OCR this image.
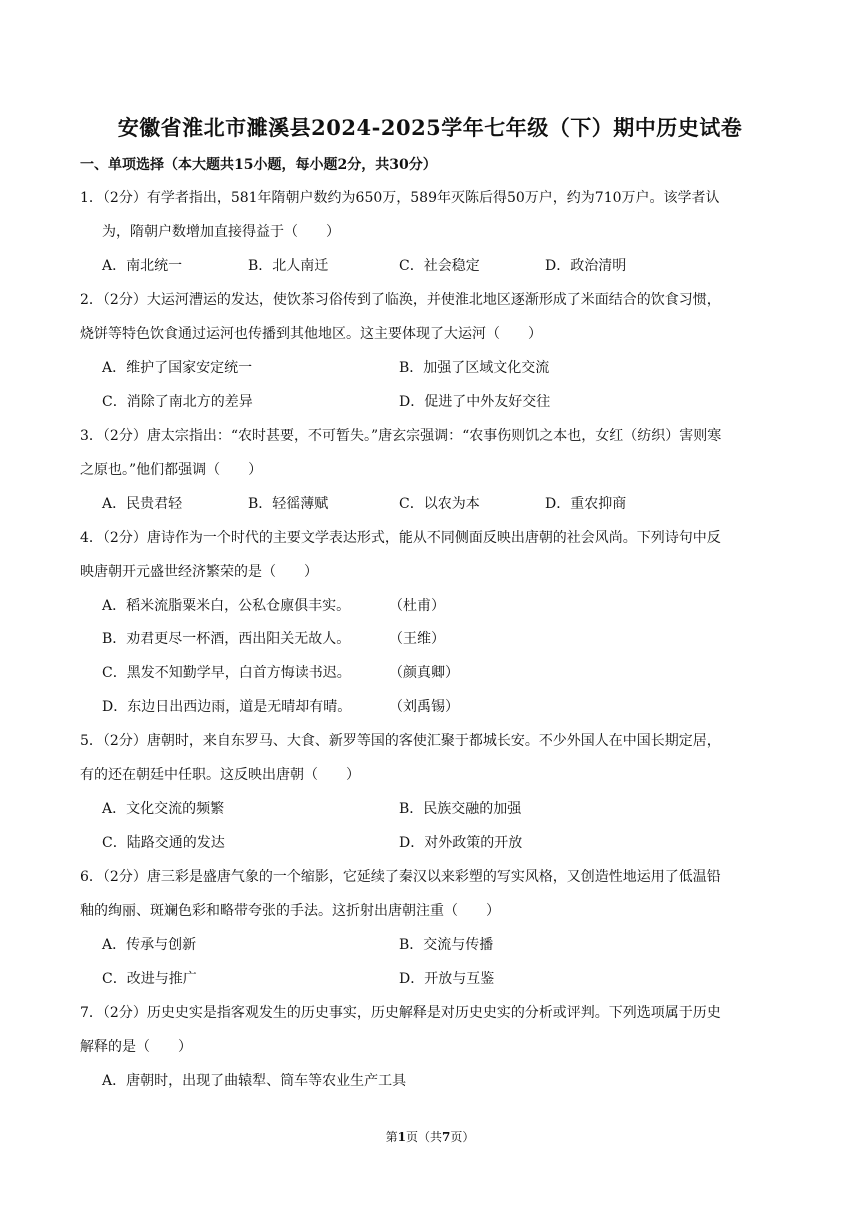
安徽省淮北市濉溪县2024-2025学年七年级（下）期中历史试卷
一、单项选择（本大题共15小题，每小题2分，共30分）
1．（2分）有学者指出，581年隋朝户数约为650万，589年灭陈后得50万户，约为710万户。该学者认
为，隋朝户数增加直接得益于（　　）
A．南北统一	B．北人南迁	C．社会稳定	D．政治清明
2．（2分）大运河漕运的发达，使饮茶习俗传到了临涣，并使淮北地区逐渐形成了米面结合的饮食习惯，
烧饼等特色饮食通过运河也传播到其他地区。这主要体现了大运河（　　）
A．维护了国家安定统一	B．加强了区域文化交流
C．消除了南北方的差异	D．促进了中外友好交往
3．（2分）唐太宗指出：“农时甚要，不可暂失。”唐玄宗强调：“农事伤则饥之本也，女红（纺织）害则寒
之原也。”他们都强调（　　）
A．民贵君轻	B．轻徭薄赋	C．以农为本	D．重农抑商
4．（2分）唐诗作为一个时代的主要文学表达形式，能从不同侧面反映出唐朝的社会风尚。下列诗句中反
映唐朝开元盛世经济繁荣的是（　　）
A．稻米流脂粟米白，公私仓廪俱丰实。	（杜甫）
B．劝君更尽一杯酒，西出阳关无故人。	（王维）
C．黑发不知勤学早，白首方悔读书迟。	（颜真卿）
D．东边日出西边雨，道是无晴却有晴。	（刘禹锡）
5．（2分）唐朝时，来自东罗马、大食、新罗等国的客使汇聚于都城长安。不少外国人在中国长期定居，
有的还在朝廷中任职。这反映出唐朝（　　）
A．文化交流的频繁	B．民族交融的加强
C．陆路交通的发达	D．对外政策的开放
6．（2分）唐三彩是盛唐气象的一个缩影，它延续了秦汉以来彩塑的写实风格，又创造性地运用了低温铅
釉的绚丽、斑斓色彩和略带夸张的手法。这折射出唐朝注重（　　）
A．传承与创新	B．交流与传播
C．改进与推广	D．开放与互鉴
7．（2分）历史史实是指客观发生的历史事实，历史解释是对历史史实的分析或评判。下列选项属于历史
解释的是（　　）
A．唐朝时，出现了曲辕犁、筒车等农业生产工具
第1页（共7页）
